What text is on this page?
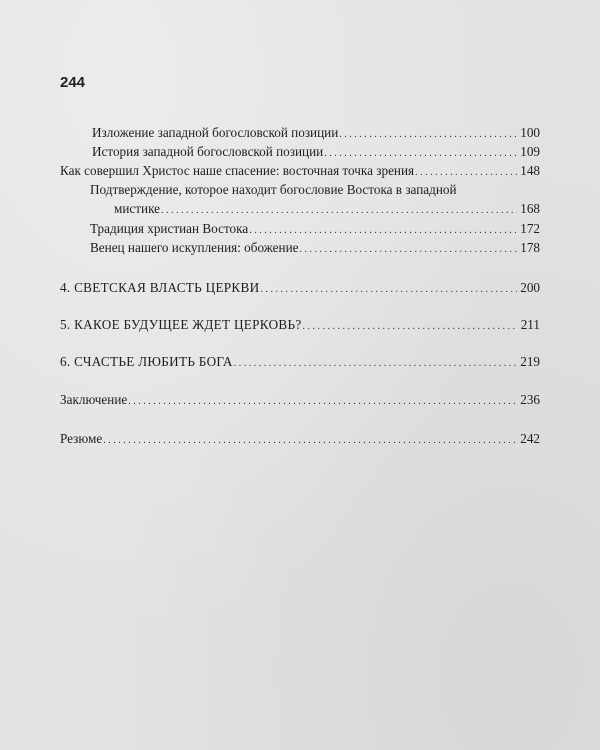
244
Изложение западной богословской позиции . . .	100
История западной богословской позиции . . .	109
Как совершил Христос наше спасение: восточная точка зрения . . .	148
Подтверждение, которое находит богословие Востока в западной
мистике . . .	168
Традиция христиан Востока . . .	172
Венец нашего искупления: обожение . . .	178
4. СВЕТСКАЯ ВЛАСТЬ ЦЕРКВИ . . .	200
5. КАКОЕ БУДУЩЕЕ ЖДЕТ ЦЕРКОВЬ? . . .	211
6. СЧАСТЬЕ ЛЮБИТЬ БОГА . . .	219
Заключение . . .	236
Резюме . . .	242
